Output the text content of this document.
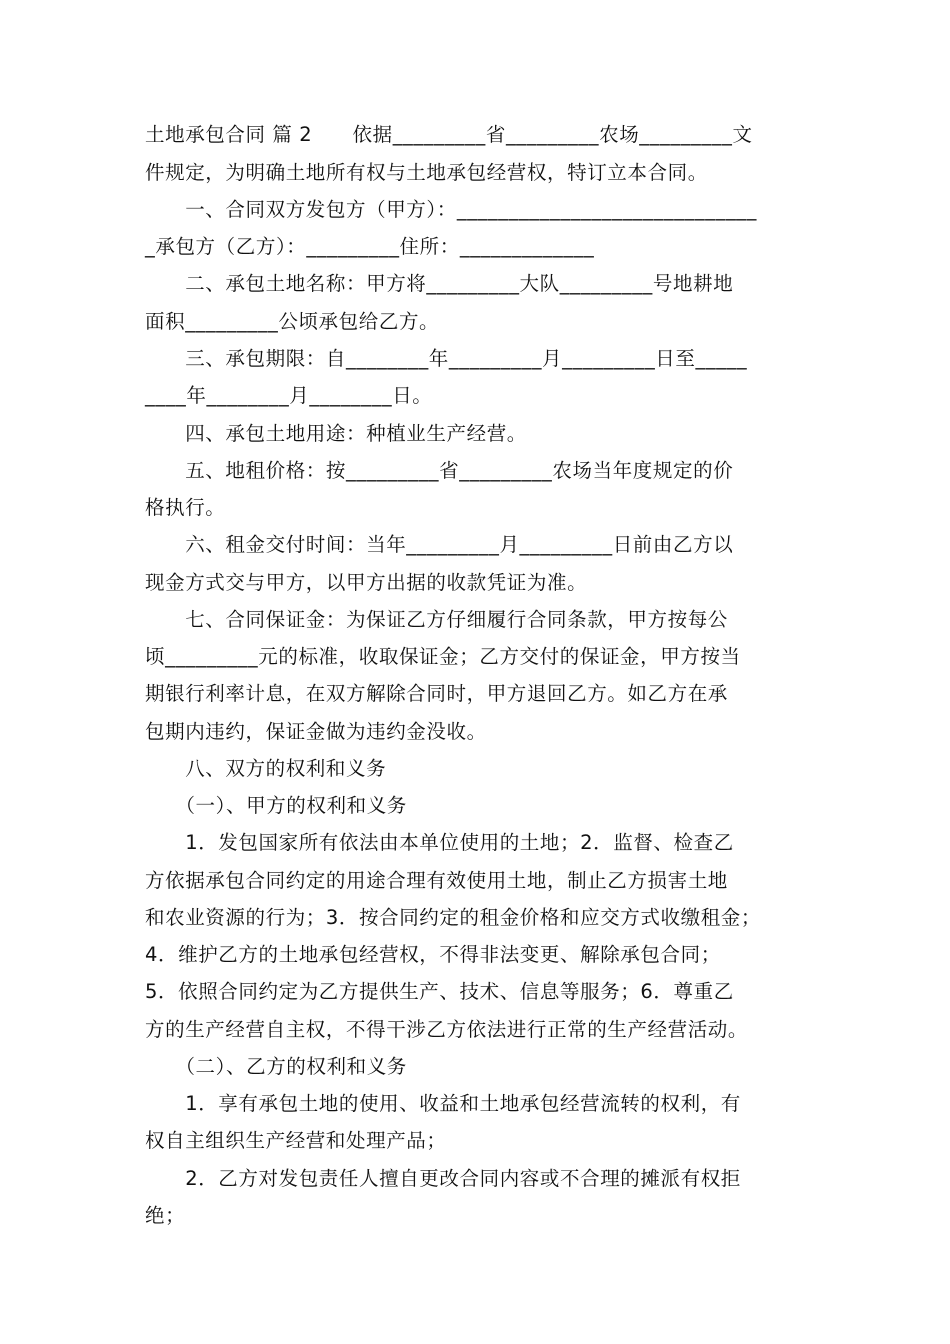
土地承包合同 篇 2　　依据_________省_________农场_________文
件规定，为明确土地所有权与土地承包经营权，特订立本合同。
　　一、合同双方发包方（甲方）：_____________________________
_承包方（乙方）：_________住所：_____________
　　二、承包土地名称：甲方将_________大队_________号地耕地
面积_________公顷承包给乙方。
　　三、承包期限：自________年_________月_________日至_____
____年________月________日。
　　四、承包土地用途：种植业生产经营。
　　五、地租价格：按_________省_________农场当年度规定的价
格执行。
　　六、租金交付时间：当年_________月_________日前由乙方以
现金方式交与甲方，以甲方出据的收款凭证为准。
　　七、合同保证金：为保证乙方仔细履行合同条款，甲方按每公
顷_________元的标准，收取保证金；乙方交付的保证金，甲方按当
期银行利率计息，在双方解除合同时，甲方退回乙方。如乙方在承
包期内违约，保证金做为违约金没收。
　　八、双方的权利和义务
　　（一）、甲方的权利和义务
　　1．发包国家所有依法由本单位使用的土地；2．监督、检查乙
方依据承包合同约定的用途合理有效使用土地，制止乙方损害土地
和农业资源的行为；3．按合同约定的租金价格和应交方式收缴租金；
4．维护乙方的土地承包经营权，不得非法变更、解除承包合同；
5．依照合同约定为乙方提供生产、技术、信息等服务；6．尊重乙
方的生产经营自主权，不得干涉乙方依法进行正常的生产经营活动。
　　（二）、乙方的权利和义务
　　1．享有承包土地的使用、收益和土地承包经营流转的权利，有
权自主组织生产经营和处理产品；
　　2．乙方对发包责任人擅自更改合同内容或不合理的摊派有权拒
绝；
